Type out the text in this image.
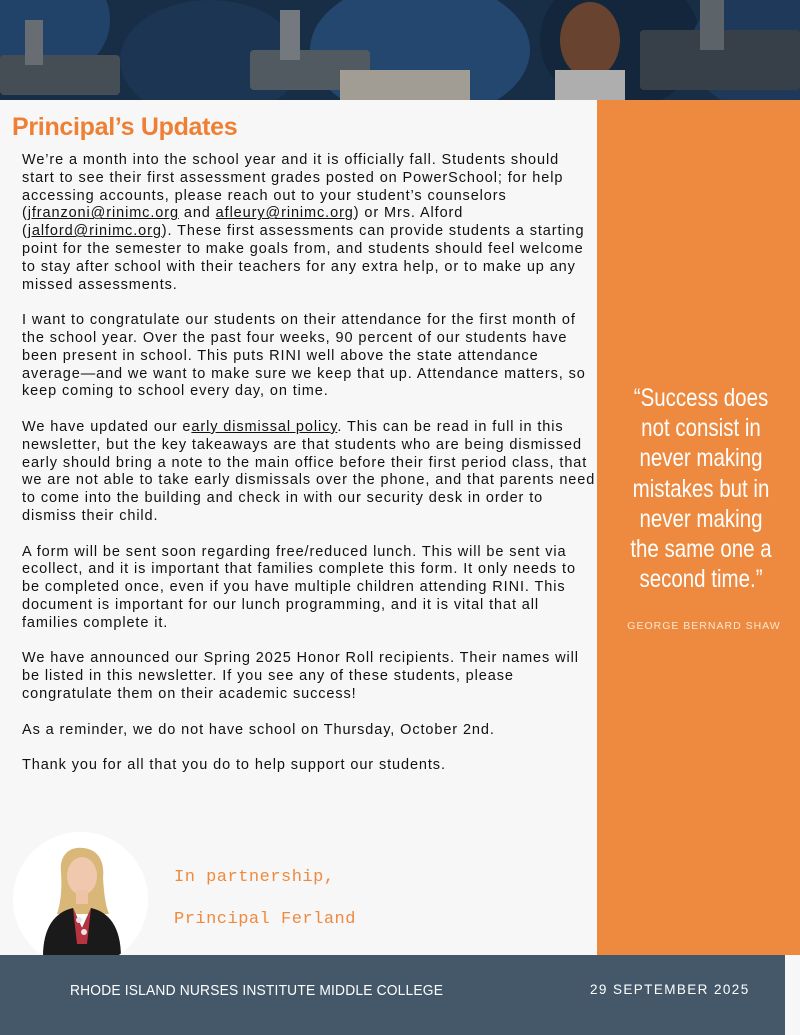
Principal’s Updates

We’re a month into the school year and it is officially fall. Students should start to see their first assessment grades posted on PowerSchool; for help accessing accounts, please reach out to your student’s counselors (jfranzoni@rinimc.org and afleury@rinimc.org) or Mrs. Alford (jalford@rinimc.org). These first assessments can provide students a starting point for the semester to make goals from, and students should feel welcome to stay after school with their teachers for any extra help, or to make up any missed assessments.

I want to congratulate our students on their attendance for the first month of the school year. Over the past four weeks, 90 percent of our students have been present in school. This puts RINI well above the state attendance average—and we want to make sure we keep that up. Attendance matters, so keep coming to school every day, on time.

We have updated our early dismissal policy. This can be read in full in this newsletter, but the key takeaways are that students who are being dismissed early should bring a note to the main office before their first period class, that we are not able to take early dismissals over the phone, and that parents need to come into the building and check in with our security desk in order to dismiss their child.

A form will be sent soon regarding free/reduced lunch. This will be sent via ecollect, and it is important that families complete this form. It only needs to be completed once, even if you have multiple children attending RINI. This document is important for our lunch programming, and it is vital that all families complete it.

We have announced our Spring 2025 Honor Roll recipients. Their names will be listed in this newsletter. If you see any of these students, please congratulate them on their academic success!

As a reminder, we do not have school on Thursday, October 2nd.

Thank you for all that you do to help support our students.

“Success does not consist in never making mistakes but in never making the same one a second time.”
GEORGE BERNARD SHAW
In partnership,
Principal Ferland
RHODE ISLAND NURSES INSTITUTE MIDDLE COLLEGE	29 SEPTEMBER 2025
